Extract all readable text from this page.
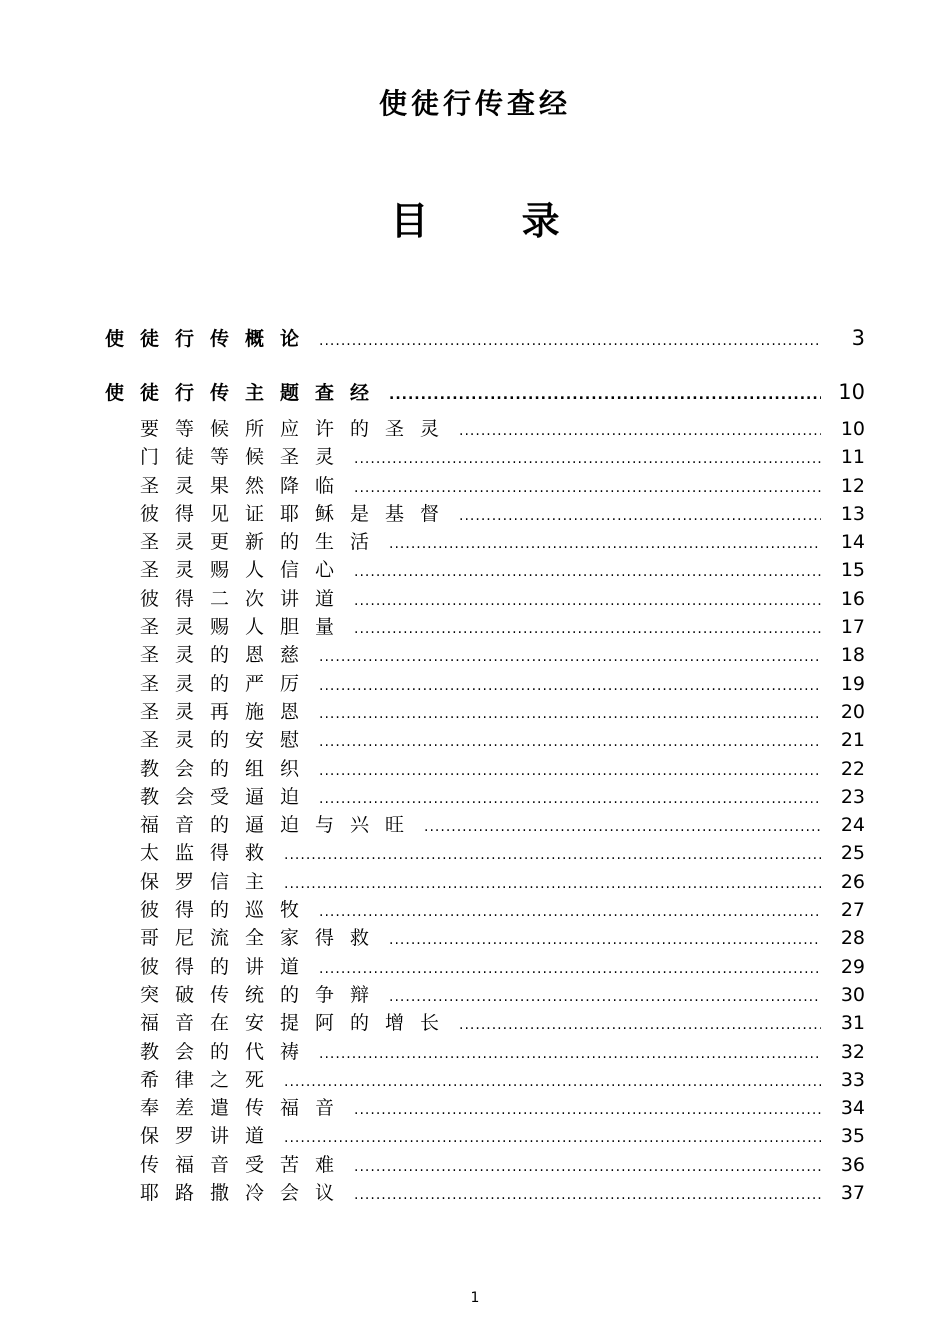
使徒行传查经
目 录
使徒行传概论 .....	3
使徒行传主题查经 .....	10
要等候所应许的圣灵 .....	10
门徒等候圣灵 .....	11
圣灵果然降临 .....	12
彼得见证耶稣是基督 .....	13
圣灵更新的生活 .....	14
圣灵赐人信心 .....	15
彼得二次讲道 .....	16
圣灵赐人胆量 .....	17
圣灵的恩慈 .....	18
圣灵的严厉 .....	19
圣灵再施恩 .....	20
圣灵的安慰 .....	21
教会的组织 .....	22
教会受逼迫 .....	23
福音的逼迫与兴旺 .....	24
太监得救 .....	25
保罗信主 .....	26
彼得的巡牧 .....	27
哥尼流全家得救 .....	28
彼得的讲道 .....	29
突破传统的争辩 .....	30
福音在安提阿的增长 .....	31
教会的代祷 .....	32
希律之死 .....	33
奉差遣传福音 .....	34
保罗讲道 .....	35
传福音受苦难 .....	36
耶路撒冷会议 .....	37
1
